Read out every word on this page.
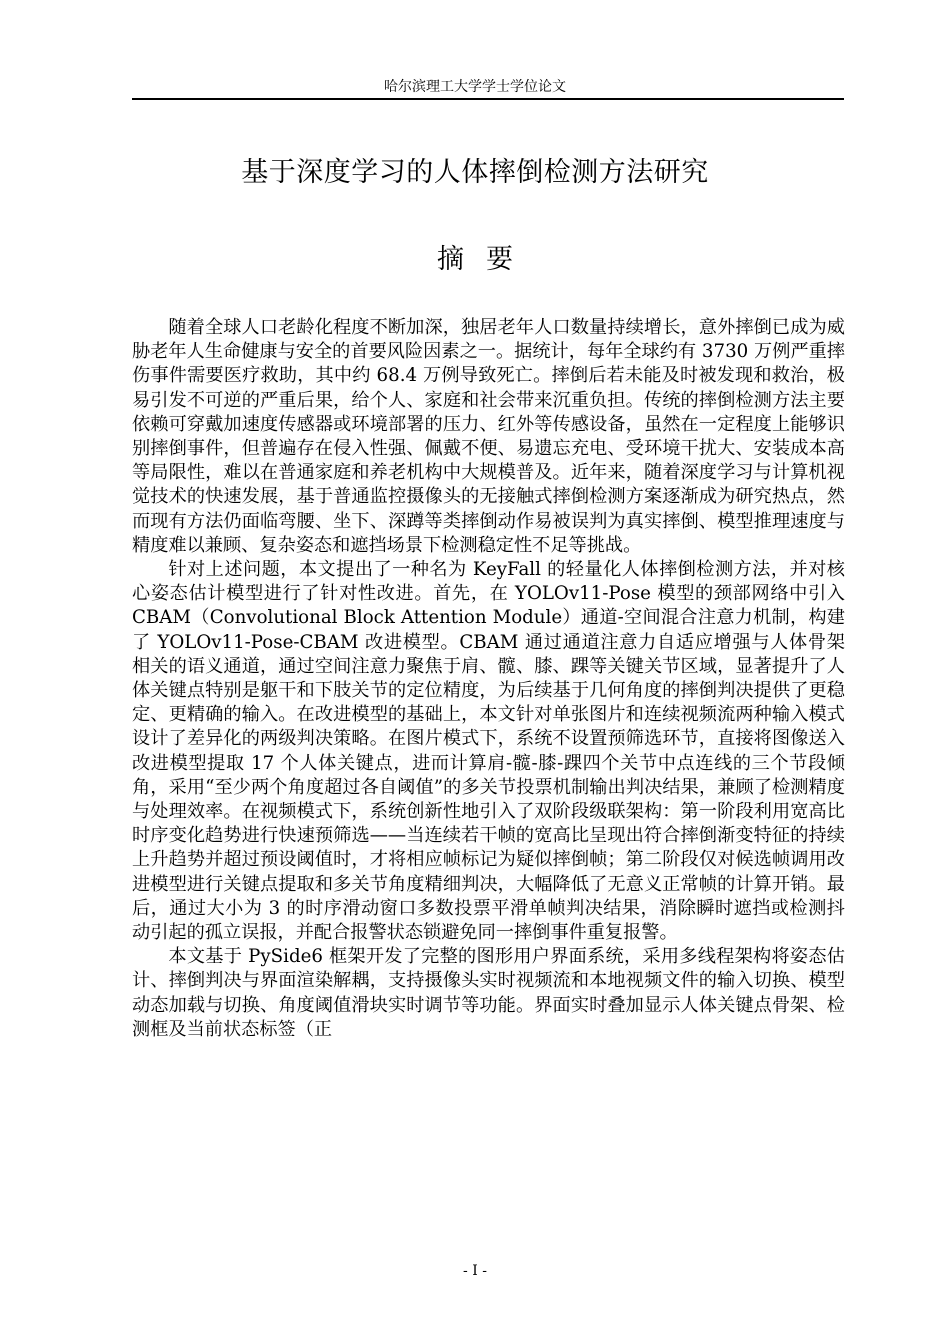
哈尔滨理工大学学士学位论文
基于深度学习的人体摔倒检测方法研究
摘要

随着全球人口老龄化程度不断加深，独居老年人口数量持续增长，意外摔倒已成为威胁老年人生命健康与安全的首要风险因素之一。据统计，每年全球约有 3730 万例严重摔伤事件需要医疗救助，其中约 68.4 万例导致死亡。摔倒后若未能及时被发现和救治，极易引发不可逆的严重后果，给个人、家庭和社会带来沉重负担。传统的摔倒检测方法主要依赖可穿戴加速度传感器或环境部署的压力、红外等传感设备，虽然在一定程度上能够识别摔倒事件，但普遍存在侵入性强、佩戴不便、易遗忘充电、受环境干扰大、安装成本高等局限性，难以在普通家庭和养老机构中大规模普及。近年来，随着深度学习与计算机视觉技术的快速发展，基于普通监控摄像头的无接触式摔倒检测方案逐渐成为研究热点，然而现有方法仍面临弯腰、坐下、深蹲等类摔倒动作易被误判为真实摔倒、模型推理速度与精度难以兼顾、复杂姿态和遮挡场景下检测稳定性不足等挑战。

针对上述问题，本文提出了一种名为 KeyFall 的轻量化人体摔倒检测方法，并对核心姿态估计模型进行了针对性改进。首先，在 YOLOv11-Pose 模型的颈部网络中引入 CBAM（Convolutional Block Attention Module）通道-空间混合注意力机制，构建了 YOLOv11-Pose-CBAM 改进模型。CBAM 通过通道注意力自适应增强与人体骨架相关的语义通道，通过空间注意力聚焦于肩、髋、膝、踝等关键关节区域，显著提升了人体关键点特别是躯干和下肢关节的定位精度，为后续基于几何角度的摔倒判决提供了更稳定、更精确的输入。在改进模型的基础上，本文针对单张图片和连续视频流两种输入模式设计了差异化的两级判决策略。在图片模式下，系统不设置预筛选环节，直接将图像送入改进模型提取 17 个人体关键点，进而计算肩-髋-膝-踝四个关节中点连线的三个节段倾角，采用“至少两个角度超过各自阈值”的多关节投票机制输出判决结果，兼顾了检测精度与处理效率。在视频模式下，系统创新性地引入了双阶段级联架构：第一阶段利用宽高比时序变化趋势进行快速预筛选——当连续若干帧的宽高比呈现出符合摔倒渐变特征的持续上升趋势并超过预设阈值时，才将相应帧标记为疑似摔倒帧；第二阶段仅对候选帧调用改进模型进行关键点提取和多关节角度精细判决，大幅降低了无意义正常帧的计算开销。最后，通过大小为 3 的时序滑动窗口多数投票平滑单帧判决结果，消除瞬时遮挡或检测抖动引起的孤立误报，并配合报警状态锁避免同一摔倒事件重复报警。

本文基于 PySide6 框架开发了完整的图形用户界面系统，采用多线程架构将姿态估计、摔倒判决与界面渲染解耦，支持摄像头实时视频流和本地视频文件的输入切换、模型动态加载与切换、角度阈值滑块实时调节等功能。界面实时叠加显示人体关键点骨架、检测框及当前状态标签（正

- I -
